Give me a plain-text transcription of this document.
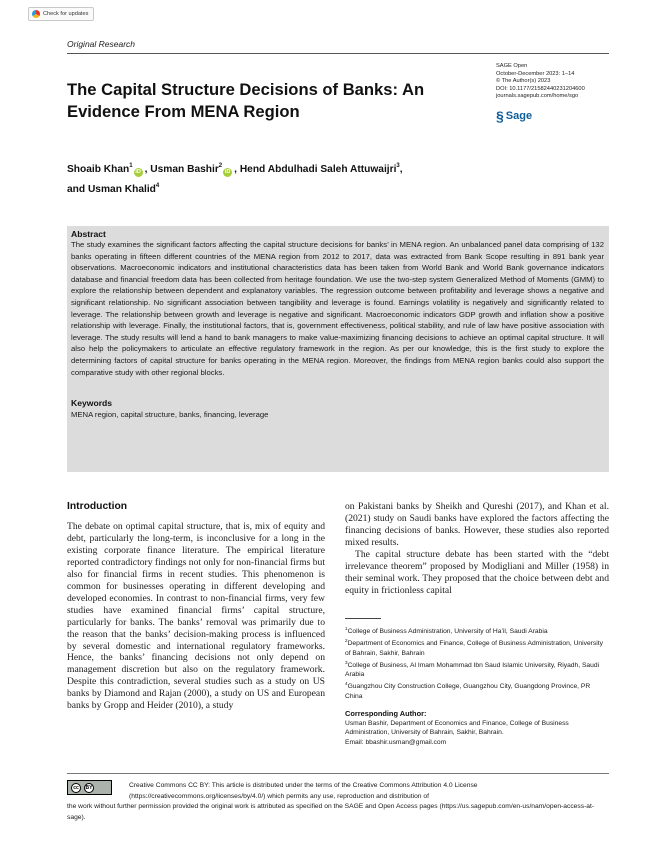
Check for updates
Original Research
The Capital Structure Decisions of Banks: An Evidence From MENA Region
SAGE Open
October-December 2023: 1–14
© The Author(s) 2023
DOI: 10.1177/21582440231204600
journals.sagepub.com/home/sgo
§ Sage
Shoaib Khan$^1$iD , Usman Bashir$^2$iD , Hend Abdulhadi Saleh Attuwaijri$^3$,
and Usman Khalid$^4$
Abstract

The study examines the significant factors affecting the capital structure decisions for banks’ in MENA region. An unbalanced panel data comprising of 132 banks operating in fifteen different countries of the MENA region from 2012 to 2017, data was extracted from Bank Scope resulting in 891 bank year observations. Macroeconomic indicators and institutional characteristics data has been taken from World Bank and World Bank governance indicators database and financial freedom data has been collected from heritage foundation. We use the two-step system Generalized Method of Moments (GMM) to explore the relationship between dependent and explanatory variables. The regression outcome between profitability and leverage shows a negative and significant relationship. No significant association between tangibility and leverage is found. Earnings volatility is negatively and significantly related to leverage. The relationship between growth and leverage is negative and significant. Macroeconomic indicators GDP growth and inflation show a positive relationship with leverage. Finally, the institutional factors, that is, government effectiveness, political stability, and rule of law have positive association with leverage. The study results will lend a hand to bank managers to make value-maximizing financing decisions to achieve an optimal capital structure. It will also help the policymakers to articulate an effective regulatory framework in the region. As per our knowledge, this is the first study to explore the determining factors of capital structure for banks operating in the MENA region. Moreover, the findings from MENA region banks could also support the comparative study with other regional blocks.

Keywords

MENA region, capital structure, banks, financing, leverage

Introduction

The debate on optimal capital structure, that is, mix of equity and debt, particularly the long-term, is inconclusive for a long in the existing corporate finance literature. The empirical literature reported contradictory findings not only for non-financial firms but also for financial firms in recent studies. This phenomenon is common for businesses operating in different developing and developed economies. In contrast to non-financial firms, very few studies have examined financial firms’ capital structure, particularly for banks. The banks’ removal was primarily due to the reason that the banks’ decision-making process is influenced by several domestic and international regulatory frameworks. Hence, the banks’ financing decisions not only depend on management discretion but also on the regulatory framework. Despite this contradiction, several studies such as a study on US banks by Diamond and Rajan (2000), a study on US and European banks by Gropp and Heider (2010), a study

on Pakistani banks by Sheikh and Qureshi (2017), and Khan et al. (2021) study on Saudi banks have explored the factors affecting the financing decisions of banks. However, these studies also reported mixed results.

The capital structure debate has been started with the “debt irrelevance theorem” proposed by Modigliani and Miller (1958) in their seminal work. They proposed that the choice between debt and equity in frictionless capital

$^1$College of Business Administration, University of Ha’il, Saudi Arabia
$^2$Department of Economics and Finance, College of Business Administration, University of Bahrain, Sakhir, Bahrain
$^3$College of Business, Al Imam Mohammad Ibn Saud Islamic University, Riyadh, Saudi Arabia
$^4$Guangzhou City Construction College, Guangzhou City, Guangdong Province, PR China
Corresponding Author:
Usman Bashir, Department of Economics and Finance, College of Business Administration, University of Bahrain, Sakhir, Bahrain.
Email: bbashir.usman@gmail.com
cc	BY	Creative Commons CC BY: This article is distributed under the terms of the Creative Commons Attribution 4.0 License
(https://creativecommons.org/licenses/by/4.0/) which permits any use, reproduction and distribution of
the work without further permission provided the original work is attributed as specified on the SAGE and Open Access pages (https://us.sagepub.com/en-us/nam/open-access-at-sage).
